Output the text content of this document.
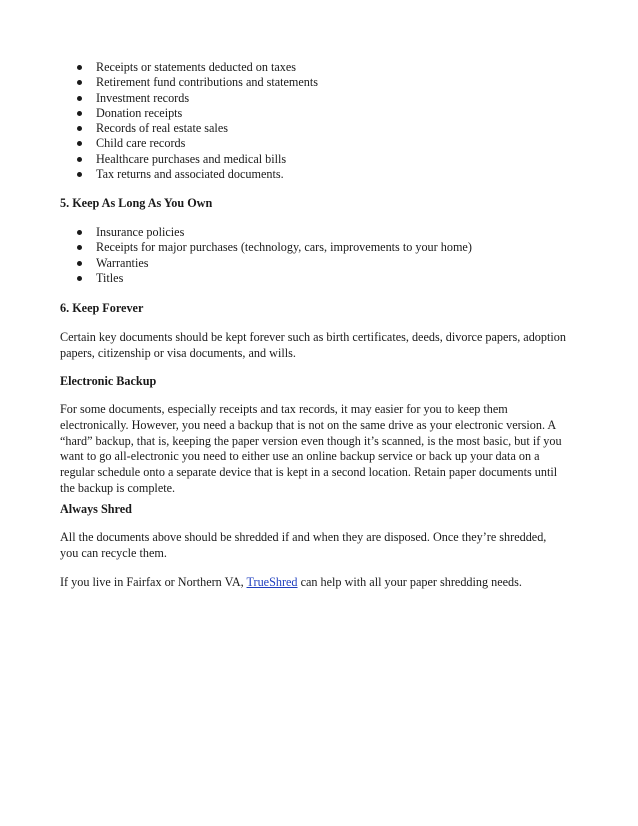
Receipts or statements deducted on taxes
Retirement fund contributions and statements
Investment records
Donation receipts
Records of real estate sales
Child care records
Healthcare purchases and medical bills
Tax returns and associated documents.
5. Keep As Long As You Own
Insurance policies
Receipts for major purchases (technology, cars, improvements to your home)
Warranties
Titles
6. Keep Forever
Certain key documents should be kept forever such as birth certificates, deeds, divorce papers, adoption
papers, citizenship or visa documents, and wills.
Electronic Backup
For some documents, especially receipts and tax records, it may easier for you to keep them
electronically. However, you need a backup that is not on the same drive as your electronic version. A
“hard” backup, that is, keeping the paper version even though it’s scanned, is the most basic, but if you
want to go all-electronic you need to either use an online backup service or back up your data on a
regular schedule onto a separate device that is kept in a second location. Retain paper documents until
the backup is complete.
Always Shred
All the documents above should be shredded if and when they are disposed. Once they’re shredded,
you can recycle them.
If you live in Fairfax or Northern VA, TrueShred can help with all your paper shredding needs.
